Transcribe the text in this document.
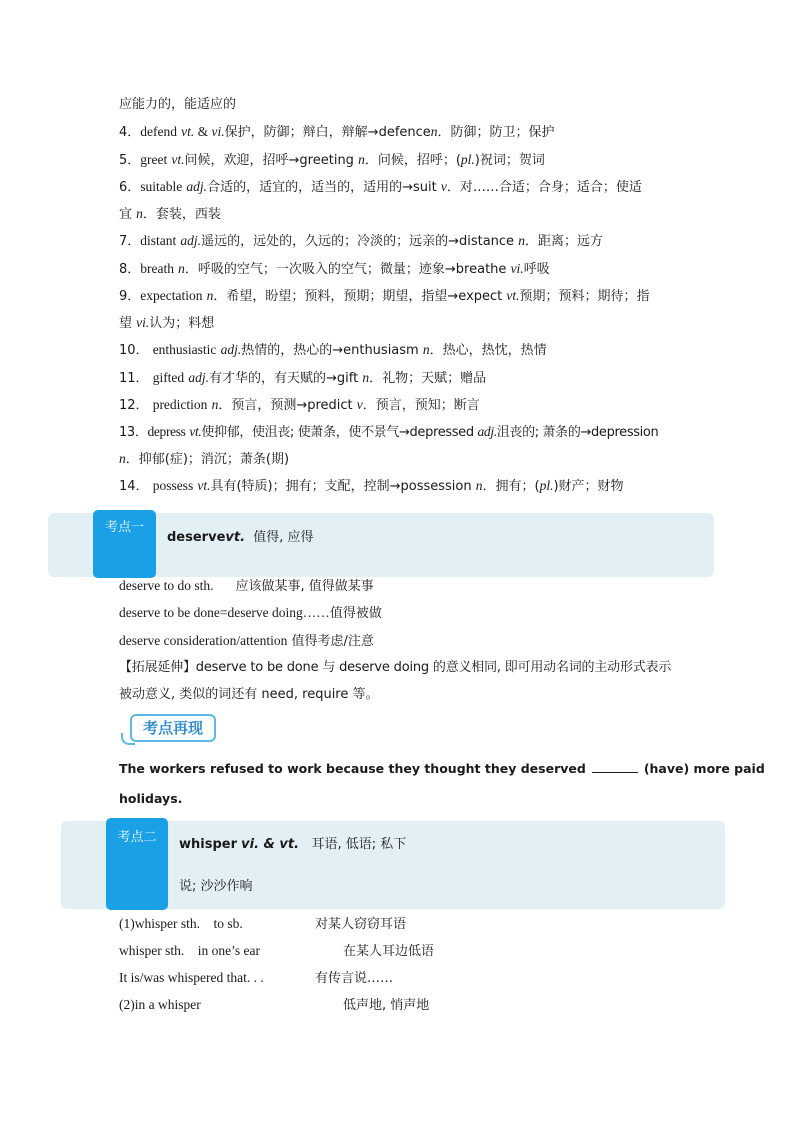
应能力的，能适应的
4．defend vt. & vi.保护，防御；辩白，辩解→defencen．防御；防卫；保护
5．greet vt.问候，欢迎，招呼→greeting n．问候，招呼；(pl.)祝词；贺词
6．suitable adj.合适的，适宜的，适当的，适用的→suit v．对……合适；合身；适合；使适
宜 n．套装，西装
7．distant adj.遥远的，远处的，久远的；冷淡的；远亲的→distance n．距离；远方
8．breath n．呼吸的空气；一次吸入的空气；微量；迹象→breathe vi.呼吸
9．expectation n．希望，盼望；预料，预期；期望，指望→expect vt.预期；预料；期待；指
望 vi.认为；料想
10． enthusiastic adj.热情的，热心的→enthusiasm n．热心，热忱，热情
11． gifted adj.有才华的，有天赋的→gift n．礼物；天赋；赠品
12． prediction n．预言，预测→predict v．预言，预知；断言
13．depress vt.使抑郁，使沮丧; 使萧条，使不景气→depressed adj.沮丧的; 萧条的→depression
n．抑郁(症)；消沉；萧条(期)
14． possess vt.具有(特质)；拥有；支配，控制→possession n．拥有；(pl.)财产；财物
考点一
deservevt. 值得, 应得
deserve to do sth. 应该做某事, 值得做某事
deserve to be done=deserve doing……值得被做
deserve consideration/attention 值得考虑/注意
【拓展延伸】deserve to be done 与 deserve doing 的意义相同, 即可用动名词的主动形式表示
被动意义, 类似的词还有 need, require 等。
考点再现
The workers refused to work because they thought they deserved	(have) more paid
holidays.
考点二	whisper vi. & vt. 耳语, 低语; 私下
说; 沙沙作响
(1)whisper sth.    to sb.	对某人窃窃耳语
whisper sth.    in one’s ear	在某人耳边低语
It is/was whispered that. . .	有传言说……
(2)in a whisper	低声地, 悄声地
